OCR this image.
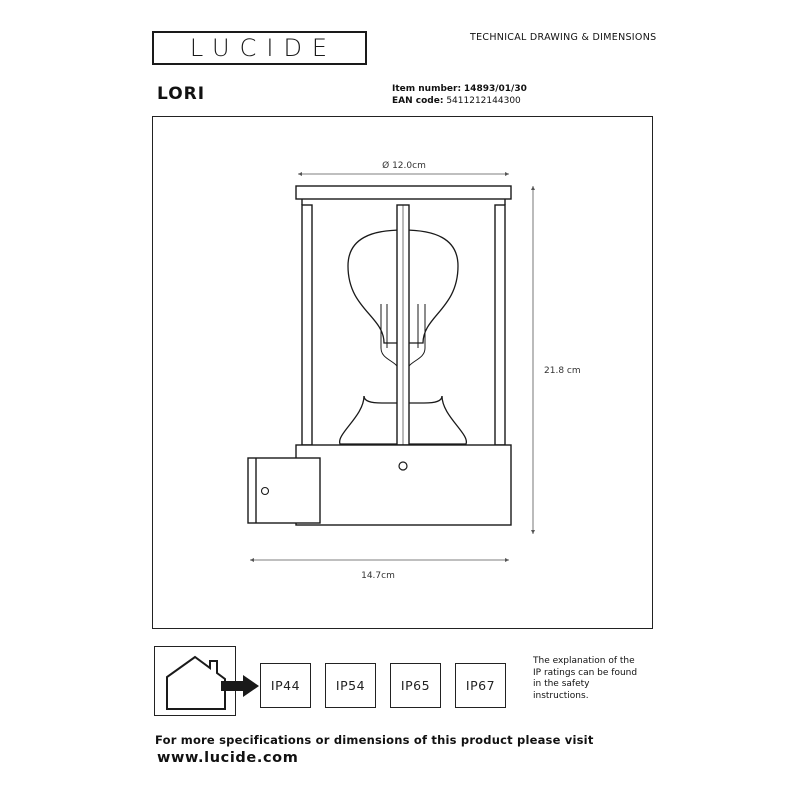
LUCIDE	TECHNICAL DRAWING & DIMENSIONS
LORI	Item number: 14893/01/30
EAN code: 5411212144300
Ø 12.0cm
21.8 cm
14.7cm
IP44	IP54	IP65	IP67
The explanation of the
IP ratings can be found
in the safety
instructions.
For more specifications or dimensions of this product please visit
www.lucide.com
